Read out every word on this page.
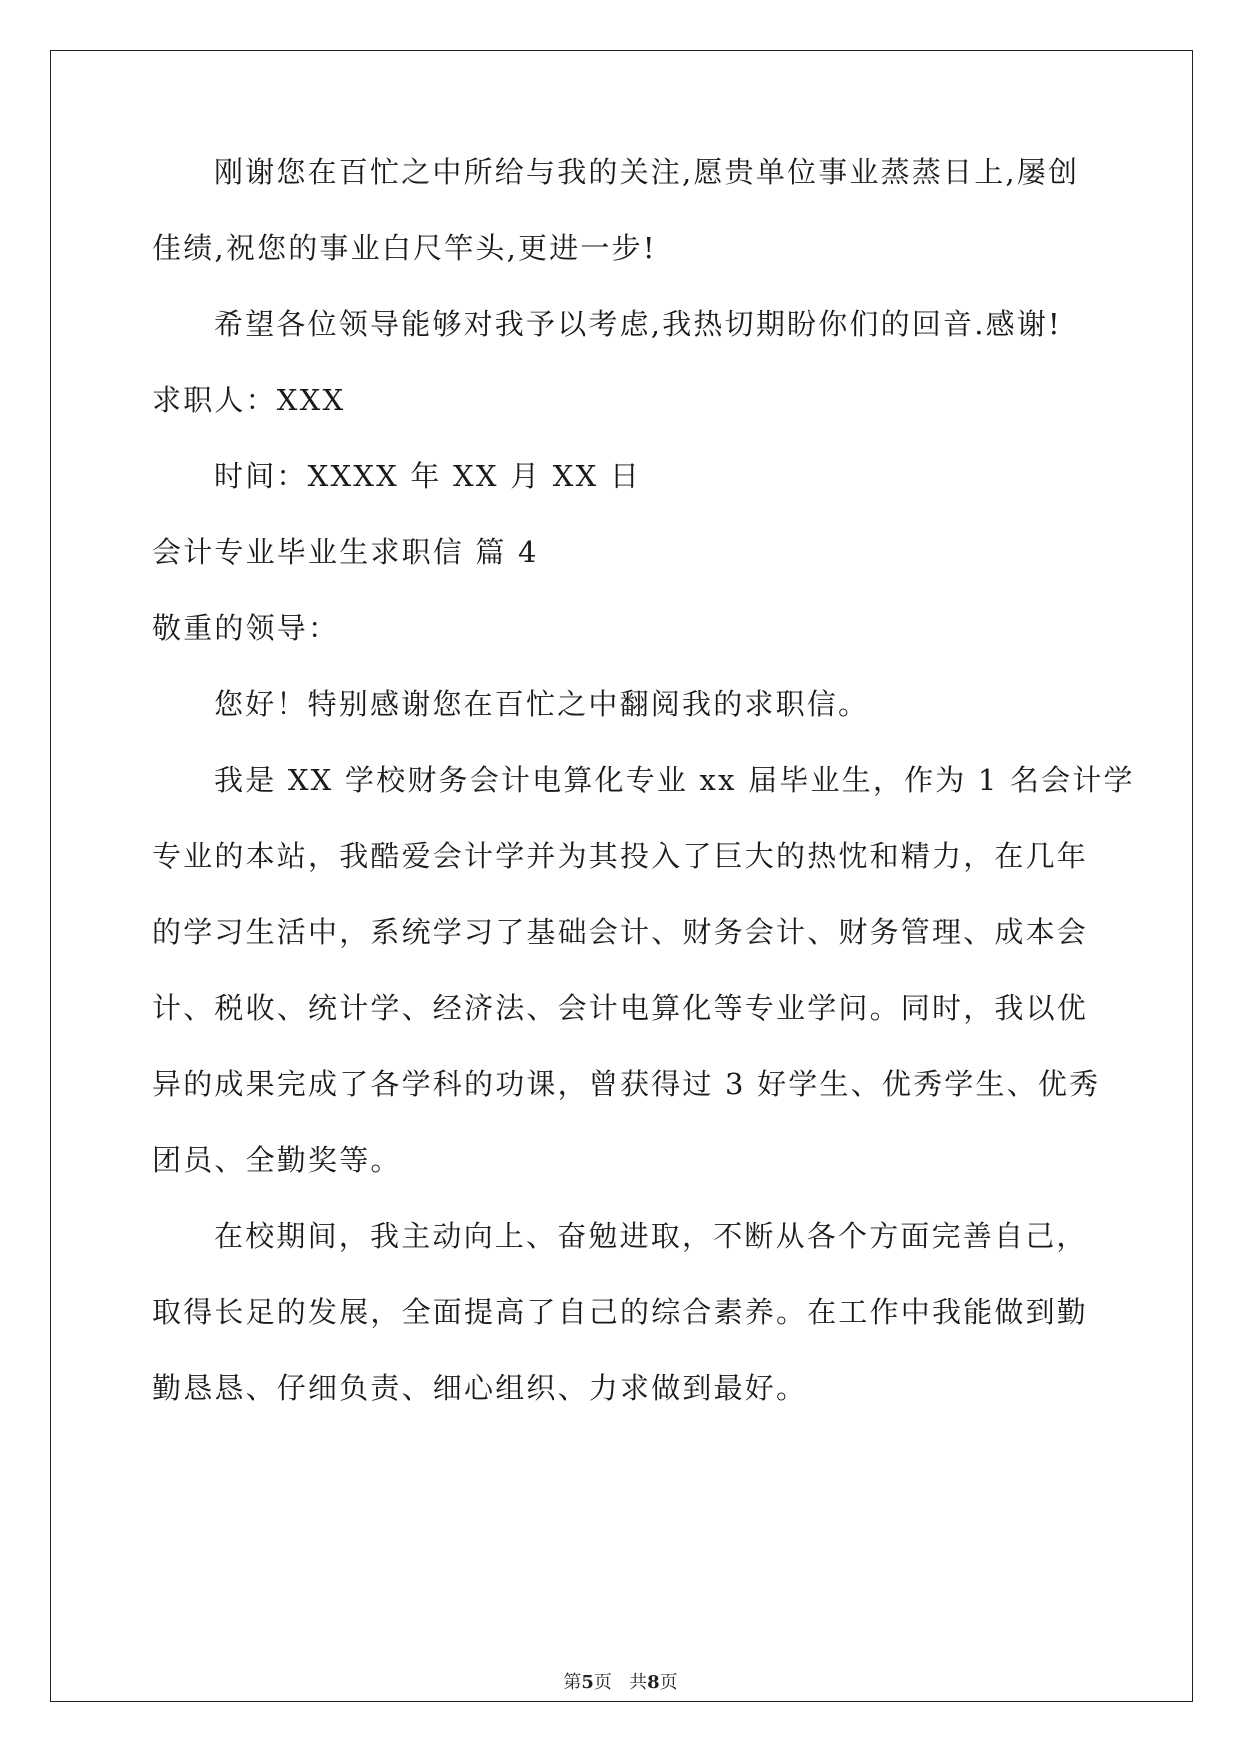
刚谢您在百忙之中所给与我的关注,愿贵单位事业蒸蒸日上,屡创
佳绩,祝您的事业白尺竿头,更进一步!
希望各位领导能够对我予以考虑,我热切期盼你们的回音.感谢!
求职人：XXX
时间：XXXX 年 XX 月 XX 日
会计专业毕业生求职信 篇 4
敬重的领导：
您好！特别感谢您在百忙之中翻阅我的求职信。
我是 XX 学校财务会计电算化专业 xx 届毕业生，作为 1 名会计学
专业的本站，我酷爱会计学并为其投入了巨大的热忱和精力，在几年
的学习生活中，系统学习了基础会计、财务会计、财务管理、成本会
计、税收、统计学、经济法、会计电算化等专业学问。同时，我以优
异的成果完成了各学科的功课，曾获得过 3 好学生、优秀学生、优秀
团员、全勤奖等。
在校期间，我主动向上、奋勉进取，不断从各个方面完善自己，
取得长足的发展，全面提高了自己的综合素养。在工作中我能做到勤
勤恳恳、仔细负责、细心组织、力求做到最好。
第5页   共8页
